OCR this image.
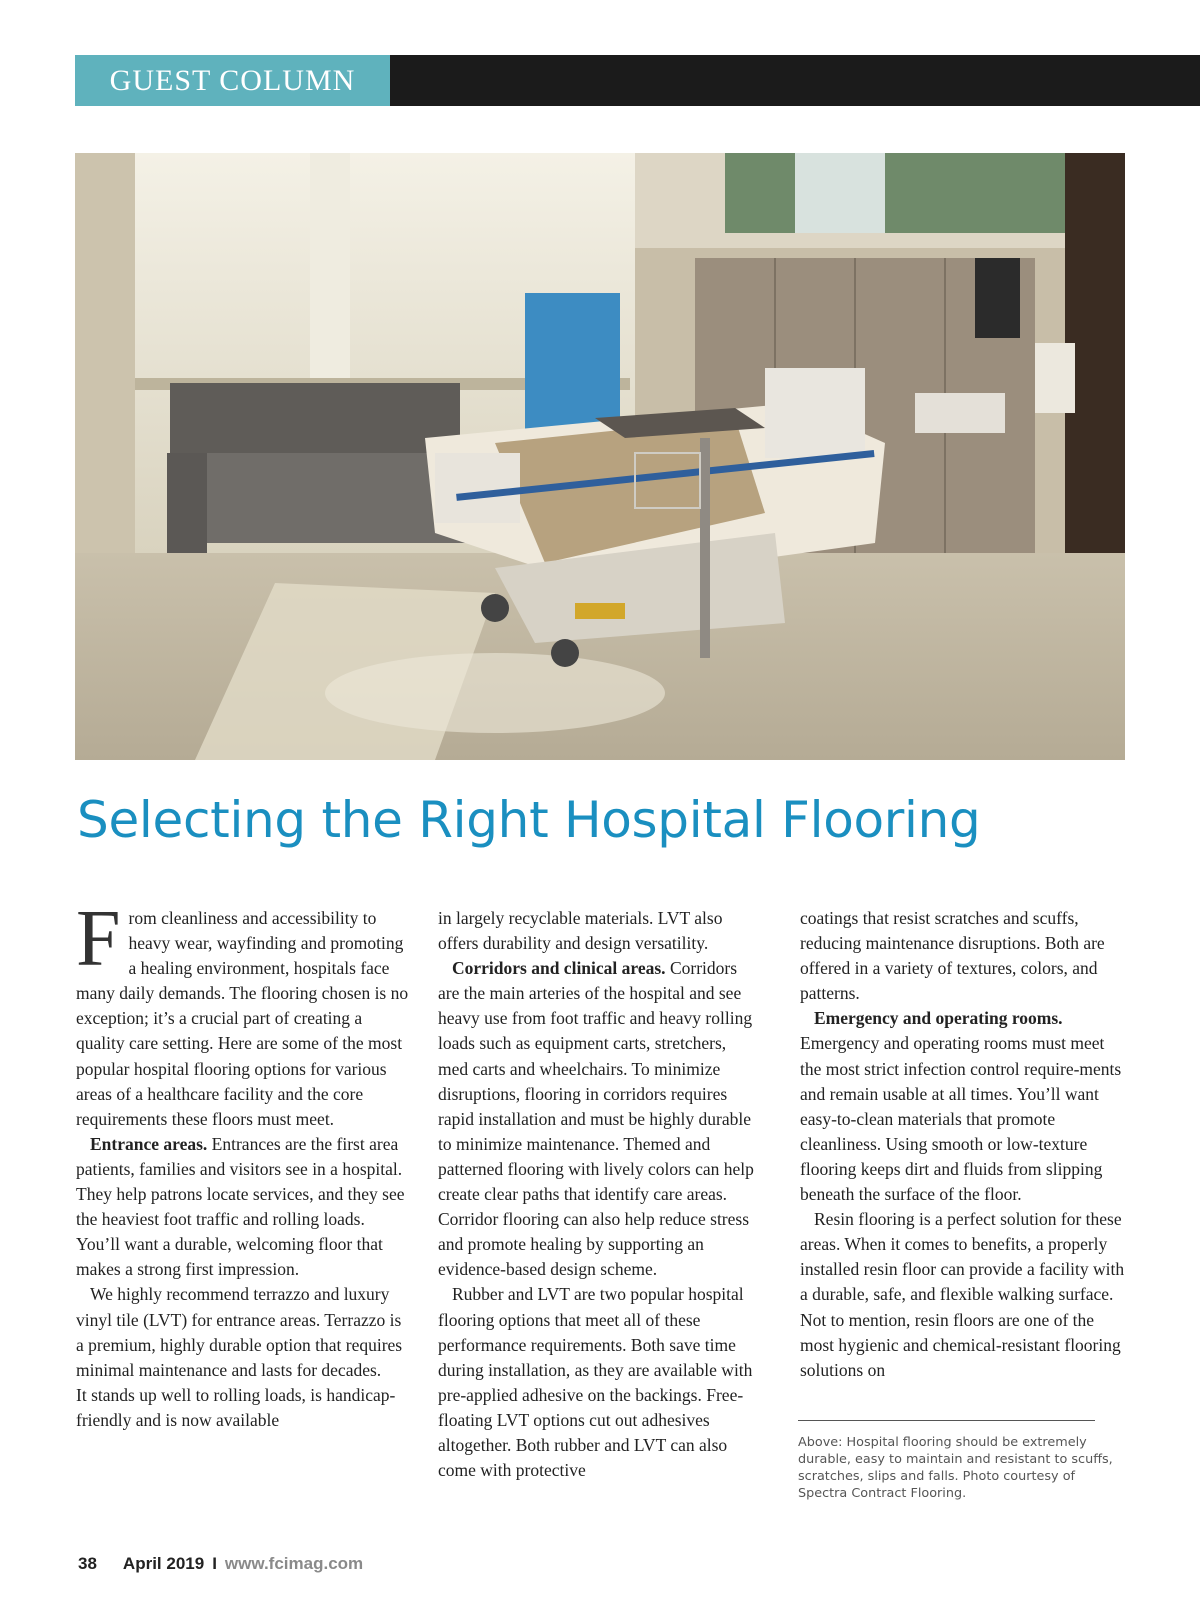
GUEST COLUMN
Selecting the Right Hospital Flooring

From cleanliness and accessibility to heavy wear, wayfinding and promoting a healing environment, hospitals face many daily demands. The flooring chosen is no exception; it’s a crucial part of creating a quality care setting. Here are some of the most popular hospital flooring options for various areas of a healthcare facility and the core requirements these floors must meet.

Entrance areas. Entrances are the first area patients, families and visitors see in a hospital. They help patrons locate services, and they see the heaviest foot traffic and rolling loads. You’ll want a durable, welcoming floor that makes a strong first impression.

We highly recommend terrazzo and luxury vinyl tile (LVT) for entrance areas. Terrazzo is a premium, highly durable option that requires minimal maintenance and lasts for decades.

It stands up well to rolling loads, is handicap-friendly and is now available

in largely recyclable materials. LVT also offers durability and design versatility.

Corridors and clinical areas. Corridors are the main arteries of the hospital and see heavy use from foot traffic and heavy rolling loads such as equipment carts, stretchers, med carts and wheelchairs. To minimize disruptions, flooring in corridors requires rapid installation and must be highly durable to minimize maintenance. Themed and patterned flooring with lively colors can help create clear paths that identify care areas. Corridor flooring can also help reduce stress and promote healing by supporting an evidence-based design scheme.

Rubber and LVT are two popular hospital flooring options that meet all of these performance requirements. Both save time during installation, as they are available with pre-applied adhesive on the backings. Free-floating LVT options cut out adhesives altogether. Both rubber and LVT can also come with protective

coatings that resist scratches and scuffs, reducing maintenance disruptions. Both are offered in a variety of textures, colors, and patterns.

Emergency and operating rooms.

Emergency and operating rooms must meet the most strict infection control require-ments and remain usable at all times. You’ll want easy-to-clean materials that promote cleanliness. Using smooth or low-texture flooring keeps dirt and fluids from slipping beneath the surface of the floor.

Resin flooring is a perfect solution for these areas. When it comes to benefits, a properly installed resin floor can provide a facility with a durable, safe, and flexible walking surface. Not to mention, resin floors are one of the most hygienic and chemical-resistant flooring solutions on

Above: Hospital flooring should be extremely durable, easy to maintain and resistant to scuffs, scratches, slips and falls. Photo courtesy of Spectra Contract Flooring.

38 April 2019 I www.fcimag.com
